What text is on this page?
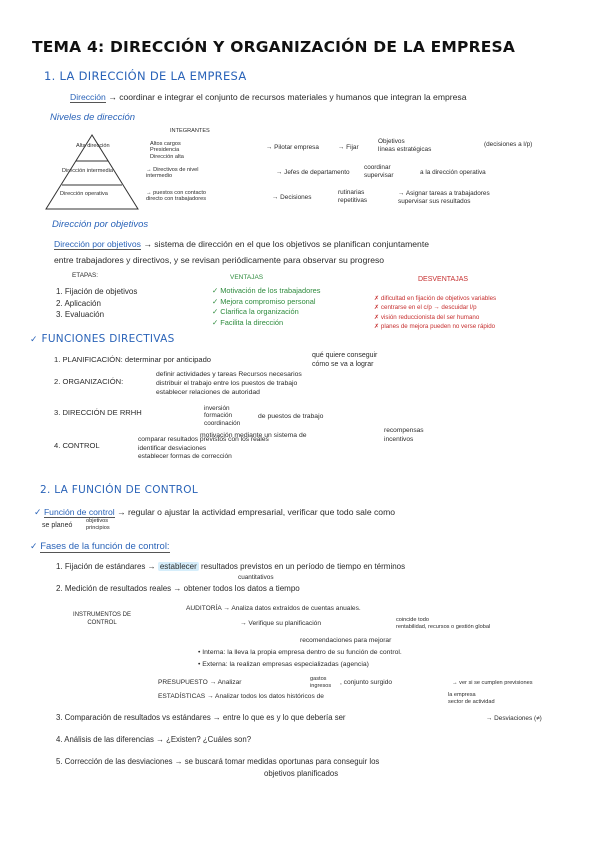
TEMA 4: DIRECCIÓN Y ORGANIZACIÓN DE LA EMPRESA
1. LA DIRECCIÓN DE LA EMPRESA
Dirección → coordinar e integrar el conjunto de recursos materiales y humanos que integran la empresa
Niveles de dirección
INTEGRANTES
Alta dirección
Dirección intermedia
Dirección operativa
Altos cargos
Presidencia
Dirección alta
→ Pilotar empresa	→ Fijar
Objetivos
líneas estratégicas
(decisiones a l/p)
→ Directivos de nivel
intermedio
→ Jefes de departamento
coordinar
supervisar	a la dirección operativa
→ puestos con contacto
directo con trabajadores	→ Decisiones
rutinarias
repetitivas
→ Asignar tareas a trabajadores
supervisar sus resultados
Dirección por objetivos
Dirección por objetivos → sistema de dirección en el que los objetivos se planifican conjuntamente
entre trabajadores y directivos, y se revisan periódicamente para observar su progreso
ETAPAS:
1. Fijación de objetivos
2. Aplicación
3. Evaluación
VENTAJAS
✓ Motivación de los trabajadores
✓ Mejora compromiso personal
✓ Clarifica la organización
✓ Facilita la dirección
DESVENTAJAS
✗ dificultad en fijación de objetivos variables
✗ centrarse en el c/p → descuidar l/p
✗ visión reduccionista del ser humano
✗ planes de mejora pueden no verse rápido
✓ FUNCIONES DIRECTIVAS
1. PLANIFICACIÓN: determinar por anticipado	qué quiere conseguir
cómo se va a lograr
2. ORGANIZACIÓN:
definir actividades y tareas Recursos necesarios
distribuir el trabajo entre los puestos de trabajo
establecer relaciones de autoridad
3. DIRECCIÓN DE RRHH	inversión
formación
coordinación
de puestos de trabajo
motivación mediante un sistema de
recompensas
incentivos
4. CONTROL
comparar resultados previstos con los reales
identificar desviaciones
establecer formas de corrección
2. LA FUNCIÓN DE CONTROL
✓ Función de control → regular o ajustar la actividad empresarial, verificar que todo sale como
se planeó
objetivos
principios
✓ Fases de la función de control:
1. Fijación de estándares → establecer resultados previstos en un período de tiempo en términos
cuantitativos
2. Medición de resultados reales → obtener todos los datos a tiempo
INSTRUMENTOS DE CONTROL
AUDITORÍA → Analiza datos extraídos de cuentas anuales.
→ Verifique su planificación	coincide todo
rentabilidad, recursos o gestión global
recomendaciones para mejorar
• Interna: la lleva la propia empresa dentro de su función de control.
• Externa: la realizan empresas especializadas (agencia)
PRESUPUESTO → Analizar	gastos
ingresos , conjunto surgido	→ ver si se cumplen previsiones
ESTADÍSTICAS → Analizar todos los datos históricos de	la empresa
sector de actividad
3. Comparación de resultados vs estándares → entre lo que es y lo que debería ser	→ Desviaciones (≠)
4. Análisis de las diferencias → ¿Existen? ¿Cuáles son?
5. Corrección de las desviaciones → se buscará tomar medidas oportunas para conseguir los
objetivos planificados
